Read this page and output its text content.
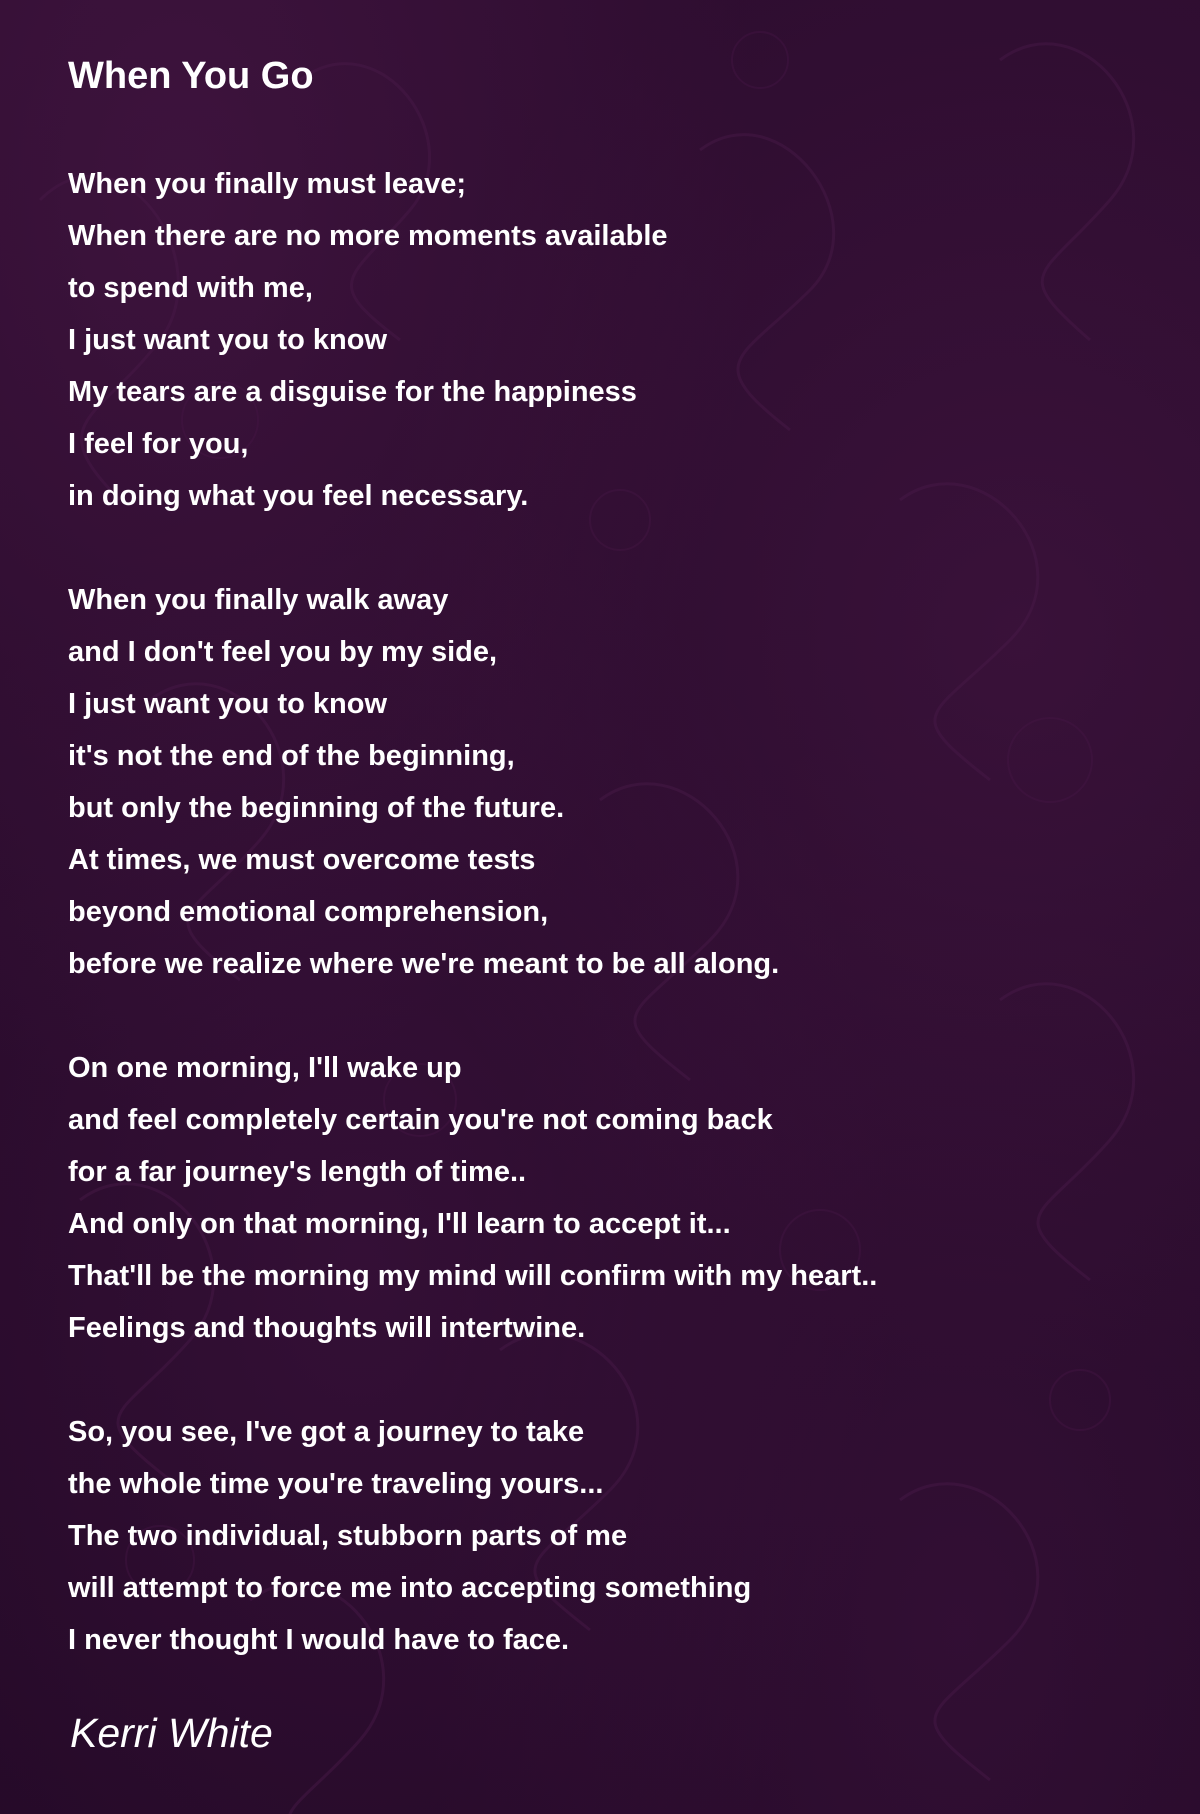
When You Go
When you finally must leave;
When there are no more moments available
to spend with me,
I just want you to know
My tears are a disguise for the happiness
I feel for you,
in doing what you feel necessary.
When you finally walk away
and I don't feel you by my side,
I just want you to know
it's not the end of the beginning,
but only the beginning of the future.
At times, we must overcome tests
beyond emotional comprehension,
before we realize where we're meant to be all along.
On one morning, I'll wake up
and feel completely certain you're not coming back
for a far journey's length of time..
And only on that morning, I'll learn to accept it...
That'll be the morning my mind will confirm with my heart..
Feelings and thoughts will intertwine.
So, you see, I've got a journey to take
the whole time you're traveling yours...
The two individual, stubborn parts of me
will attempt to force me into accepting something
I never thought I would have to face.
Kerri White
